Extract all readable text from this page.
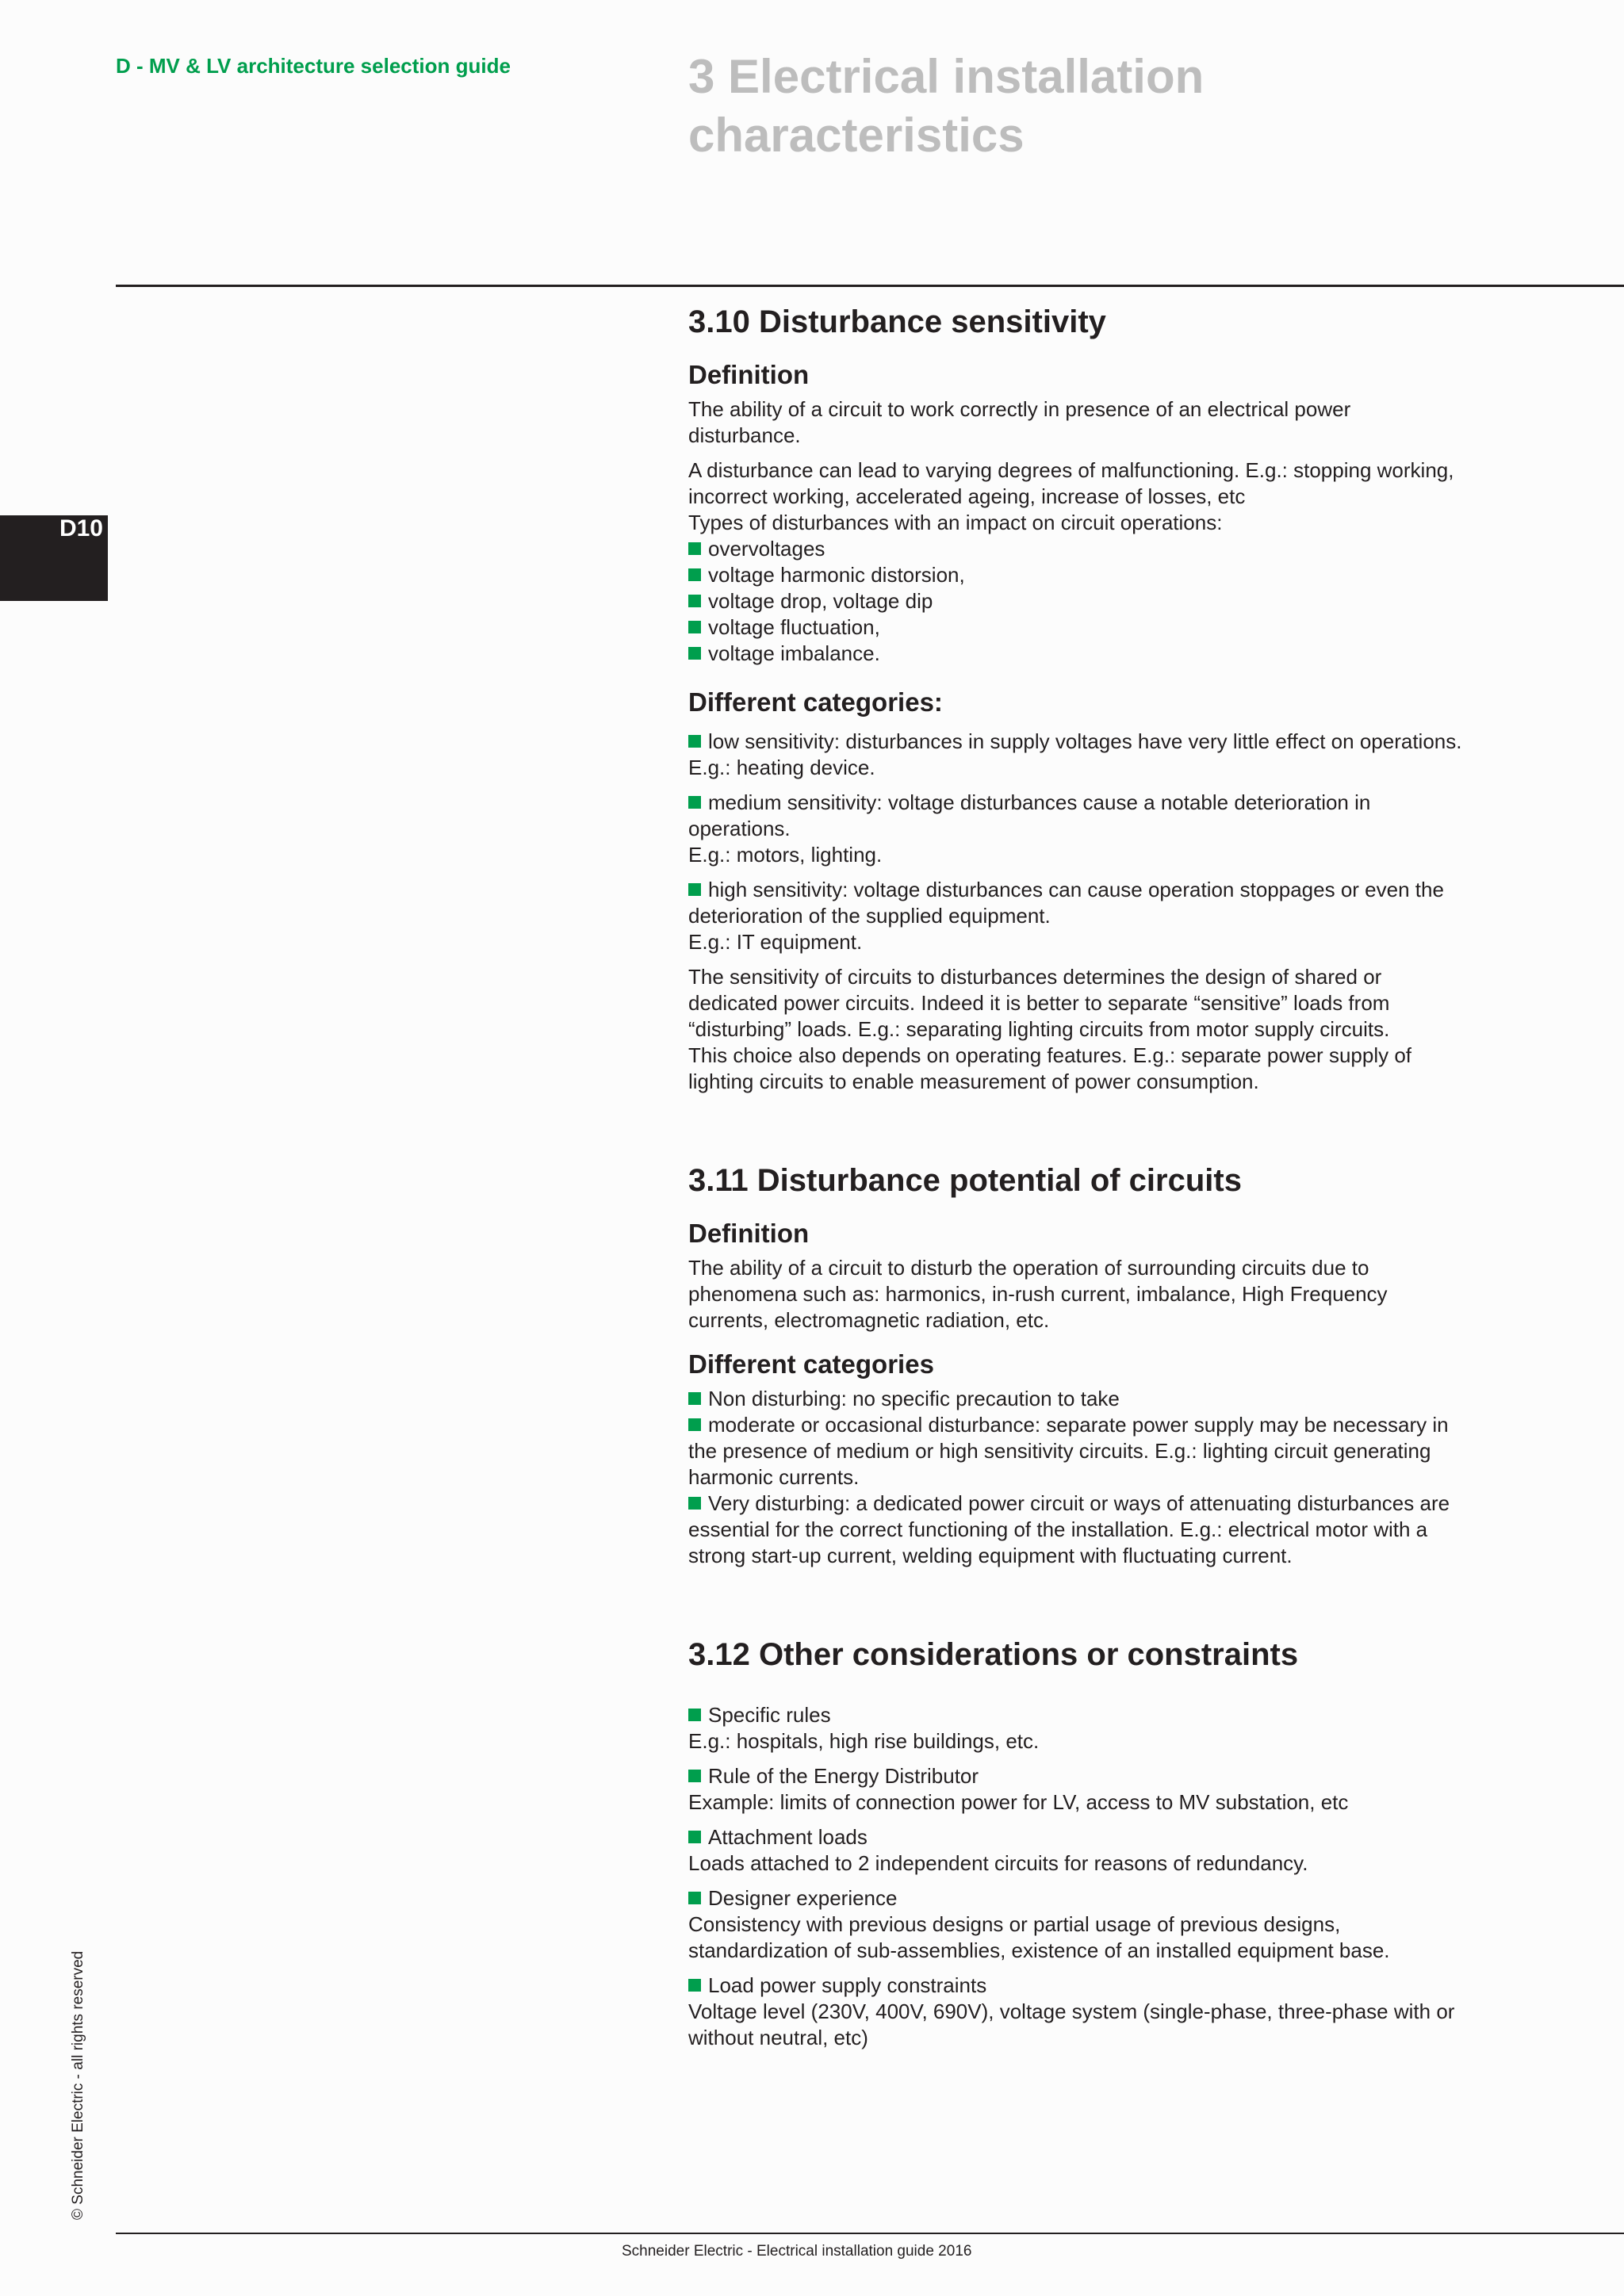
D - MV & LV architecture selection guide	3 Electrical installation
characteristics
D10
© Schneider Electric - all rights reserved
3.10 Disturbance sensitivity
Definition

The ability of a circuit to work correctly in presence of an electrical power

disturbance.

A disturbance can lead to varying degrees of malfunctioning. E.g.: stopping working,

incorrect working, accelerated ageing, increase of losses, etc

Types of disturbances with an impact on circuit operations:

overvoltages

voltage harmonic distorsion,

voltage drop, voltage dip

voltage fluctuation,

voltage imbalance.

Different categories:

low sensitivity: disturbances in supply voltages have very little effect on operations.

E.g.: heating device.

medium sensitivity: voltage disturbances cause a notable deterioration in

operations.

E.g.: motors, lighting.

high sensitivity: voltage disturbances can cause operation stoppages or even the

deterioration of the supplied equipment.

E.g.: IT equipment.

The sensitivity of circuits to disturbances determines the design of shared or

dedicated power circuits. Indeed it is better to separate “sensitive” loads from

“disturbing” loads. E.g.: separating lighting circuits from motor supply circuits.

This choice also depends on operating features. E.g.: separate power supply of

lighting circuits to enable measurement of power consumption.

3.11 Disturbance potential of circuits
Definition

The ability of a circuit to disturb the operation of surrounding circuits due to

phenomena such as: harmonics, in-rush current, imbalance, High Frequency

currents, electromagnetic radiation, etc.

Different categories

Non disturbing: no specific precaution to take

moderate or occasional disturbance: separate power supply may be necessary in

the presence of medium or high sensitivity circuits. E.g.: lighting circuit generating

harmonic currents.

Very disturbing: a dedicated power circuit or ways of attenuating disturbances are

essential for the correct functioning of the installation. E.g.: electrical motor with a

strong start-up current, welding equipment with fluctuating current.

3.12 Other considerations or constraints

Specific rules

E.g.: hospitals, high rise buildings, etc.

Rule of the Energy Distributor

Example: limits of connection power for LV, access to MV substation, etc

Attachment loads

Loads attached to 2 independent circuits for reasons of redundancy.

Designer experience

Consistency with previous designs or partial usage of previous designs,

standardization of sub-assemblies, existence of an installed equipment base.

Load power supply constraints

Voltage level (230V, 400V, 690V), voltage system (single-phase, three-phase with or

without neutral, etc)

Schneider Electric - Electrical installation guide 2016
